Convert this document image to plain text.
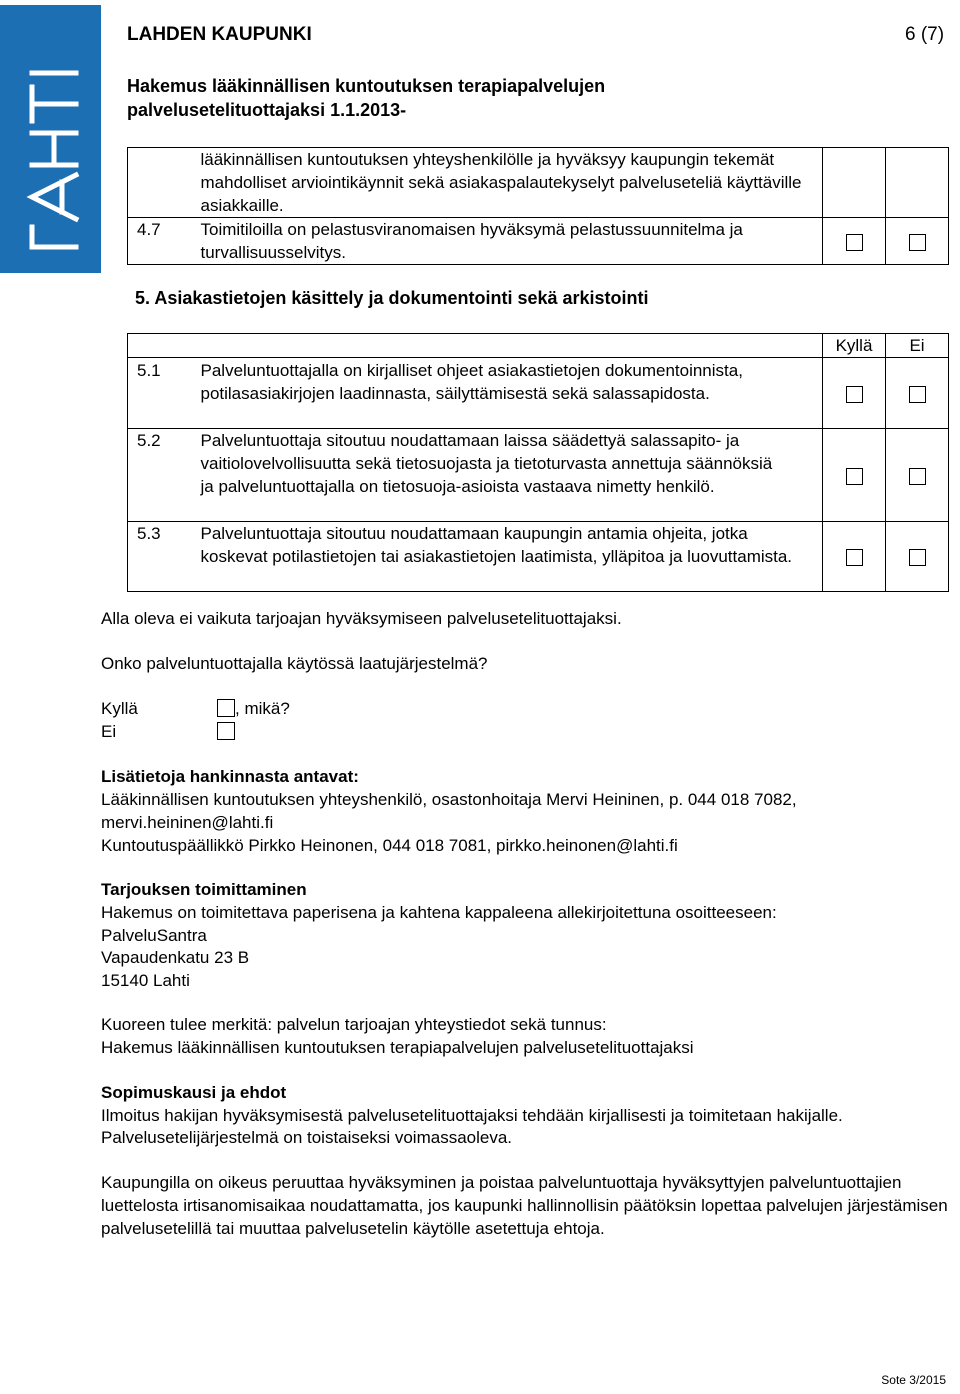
LAHDEN KAUPUNKI	6 (7)
Hakemus lääkinnällisen kuntoutuksen terapiapalvelujen palvelusetelituottajaksi 1.1.2013-
	lääkinnällisen kuntoutuksen yhteyshenkilölle ja hyväksyy kaupungin tekemät mahdolliset arviointikäynnit sekä asiakaspalautekyselyt palveluseteliä käyttäville asiakkaille.		
4.7	Toimitiloilla on pelastusviranomaisen hyväksymä pelastussuunnitelma ja turvallisuusselvitys.		
5. Asiakastietojen käsittely ja dokumentointi sekä arkistointi
		Kyllä	Ei
5.1	Palveluntuottajalla on kirjalliset ohjeet asiakastietojen dokumentoinnista, potilasasiakirjojen laadinnasta, säilyttämisestä sekä salassapidosta.		
5.2	Palveluntuottaja sitoutuu noudattamaan laissa säädettyä salassapito- ja vaitiolovelvollisuutta sekä tietosuojasta ja tietoturvasta annettuja säännöksiä
ja palveluntuottajalla on tietosuoja-asioista vastaava nimetty henkilö.		

5.3	Palveluntuottaja sitoutuu noudattamaan kaupungin antamia ohjeita, jotka koskevat potilastietojen tai asiakastietojen laatimista, ylläpitoa ja luovuttamista.		
Alla oleva ei vaikuta tarjoajan hyväksymiseen palvelusetelituottajaksi.
Onko palveluntuottajalla käytössä laatujärjestelmä?
Kyllä	, mikä?
Ei
Lisätietoja hankinnasta antavat:
Lääkinnällisen kuntoutuksen yhteyshenkilö, osastonhoitaja Mervi Heininen, p. 044 018 7082,
mervi.heininen@lahti.fi
Kuntoutuspäällikkö Pirkko Heinonen, 044 018 7081, pirkko.heinonen@lahti.fi
Tarjouksen toimittaminen
Hakemus on toimitettava paperisena ja kahtena kappaleena allekirjoitettuna osoitteeseen:
PalveluSantra
Vapaudenkatu 23 B
15140 Lahti
Kuoreen tulee merkitä: palvelun tarjoajan yhteystiedot sekä tunnus:
Hakemus lääkinnällisen kuntoutuksen terapiapalvelujen palvelusetelituottajaksi
Sopimuskausi ja ehdot
Ilmoitus hakijan hyväksymisestä palvelusetelituottajaksi tehdään kirjallisesti ja toimitetaan hakijalle.
Palvelusetelijärjestelmä on toistaiseksi voimassaoleva.
Kaupungilla on oikeus peruuttaa hyväksyminen ja poistaa palveluntuottaja hyväksyttyjen palveluntuottajien luettelosta irtisanomisaikaa noudattamatta, jos kaupunki hallinnollisin päätöksin lopettaa palvelujen järjestämisen palvelusetelillä tai muuttaa palvelusetelin käytölle asetettuja ehtoja.
Sote 3/2015
